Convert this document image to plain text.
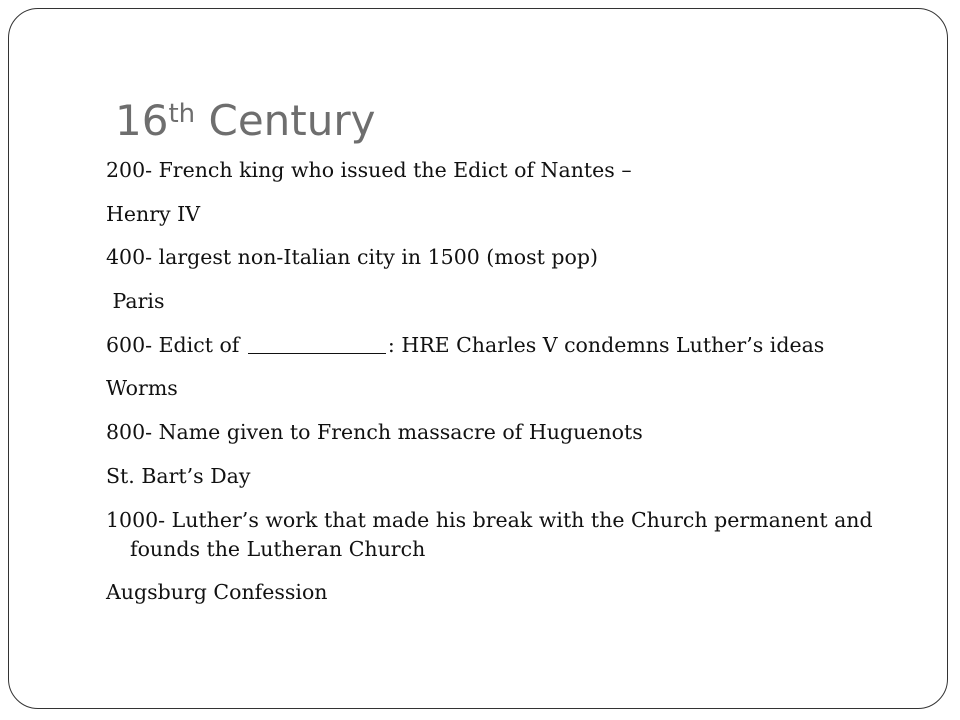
16th Century
200- French king who issued the Edict of Nantes –
Henry IV
400- largest non-Italian city in 1500 (most pop)
Paris
600- Edict of	: HRE Charles V condemns Luther’s ideas
Worms
800- Name given to French massacre of Huguenots
St. Bart’s Day
1000- Luther’s work that made his break with the Church permanent and founds the Lutheran Church
Augsburg Confession
